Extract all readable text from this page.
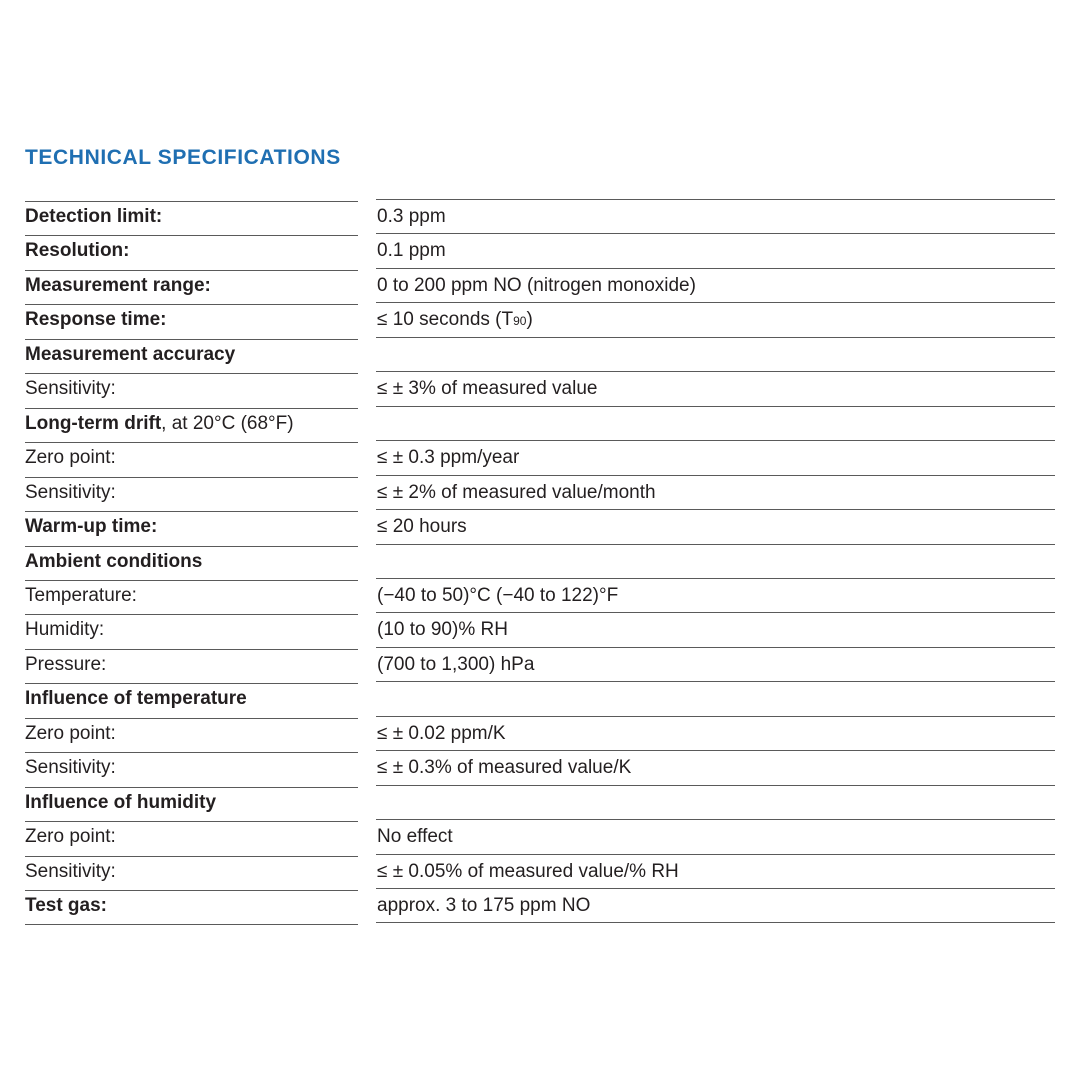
TECHNICAL SPECIFICATIONS
Detection limit:	0.3 ppm
Resolution:	0.1 ppm
Measurement range:	0 to 200 ppm NO (nitrogen monoxide)
Response time:	≤ 10 seconds (T90)
Measurement accuracy
Sensitivity:	≤ ± 3% of measured value
Long-term drift, at 20°C (68°F)
Zero point:	≤ ± 0.3 ppm/year
Sensitivity:	≤ ± 2% of measured value/month
Warm-up time:	≤ 20 hours
Ambient conditions
Temperature:	(−40 to 50)°C (−40 to 122)°F
Humidity:	(10 to 90)% RH
Pressure:	(700 to 1,300) hPa
Influence of temperature
Zero point:	≤ ± 0.02 ppm/K
Sensitivity:	≤ ± 0.3% of measured value/K
Influence of humidity
Zero point:	No effect
Sensitivity:	≤ ± 0.05% of measured value/% RH
Test gas:	approx. 3 to 175 ppm NO
